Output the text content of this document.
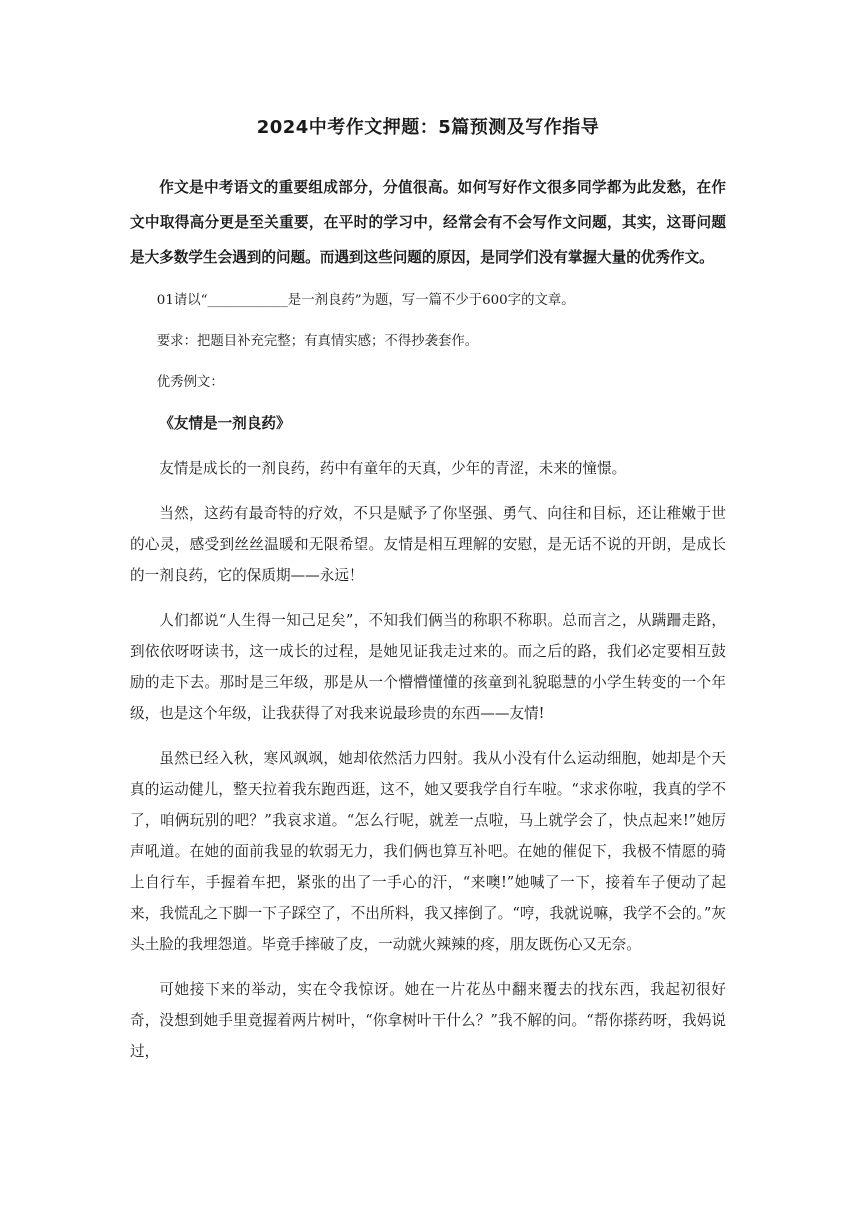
2024中考作文押题：5篇预测及写作指导

作文是中考语文的重要组成部分，分值很高。如何写好作文很多同学都为此发愁，在作文中取得高分更是至关重要，在平时的学习中，经常会有不会写作文问题，其实，这哥问题是大多数学生会遇到的问题。而遇到这些问题的原因，是同学们没有掌握大量的优秀作文。

01请以“____________是一剂良药”为题，写一篇不少于600字的文章。

要求：把题目补充完整；有真情实感；不得抄袭套作。

优秀例文：

《友情是一剂良药》

友情是成长的一剂良药，药中有童年的天真，少年的青涩，未来的憧憬。

当然，这药有最奇特的疗效，不只是赋予了你坚强、勇气、向往和目标，还让稚嫩于世的心灵，感受到丝丝温暖和无限希望。友情是相互理解的安慰，是无话不说的开朗，是成长的一剂良药，它的保质期——永远！

人们都说“人生得一知己足矣”，不知我们俩当的称职不称职。总而言之，从蹒跚走路，到依依呀呀读书，这一成长的过程，是她见证我走过来的。而之后的路，我们必定要相互鼓励的走下去。那时是三年级，那是从一个懵懵懂懂的孩童到礼貌聪慧的小学生转变的一个年级，也是这个年级，让我获得了对我来说最珍贵的东西——友情!

虽然已经入秋，寒风飒飒，她却依然活力四射。我从小没有什么运动细胞，她却是个天真的运动健儿，整天拉着我东跑西逛，这不，她又要我学自行车啦。“求求你啦，我真的学不了，咱俩玩别的吧？”我哀求道。“怎么行呢，就差一点啦，马上就学会了，快点起来!”她厉声吼道。在她的面前我显的软弱无力，我们俩也算互补吧。在她的催促下，我极不情愿的骑上自行车，手握着车把，紧张的出了一手心的汗，“来噢!”她喊了一下，接着车子便动了起来，我慌乱之下脚一下子踩空了，不出所料，我又摔倒了。“哼，我就说嘛，我学不会的。”灰头土脸的我埋怨道。毕竟手摔破了皮，一动就火辣辣的疼，朋友既伤心又无奈。

可她接下来的举动，实在令我惊讶。她在一片花丛中翻来覆去的找东西，我起初很好奇，没想到她手里竟握着两片树叶，“你拿树叶干什么？”我不解的问。“帮你搽药呀，我妈说过，
